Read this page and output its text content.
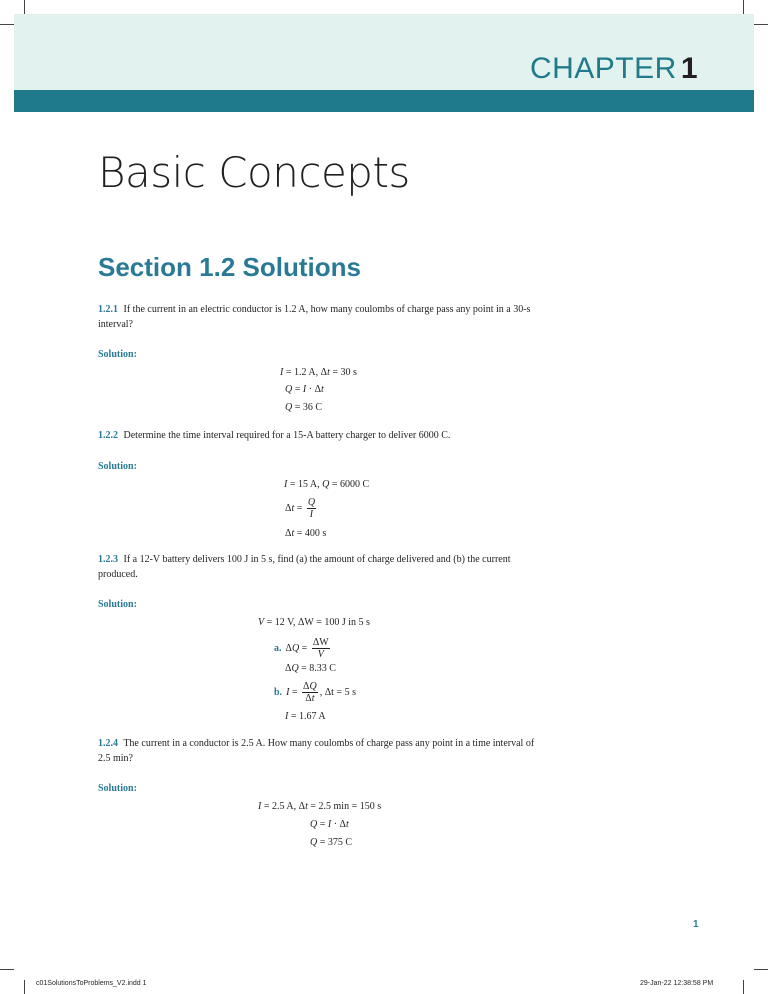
CHAPTER 1
Basic Concepts
Section 1.2 Solutions
1.2.1 If the current in an electric conductor is 1.2 A, how many coulombs of charge pass any point in a 30-s interval?
Solution:
I = 1.2 A, Δt = 30 s
Q = I · Δt
Q = 36 C
1.2.2 Determine the time interval required for a 15-A battery charger to deliver 6000 C.
Solution:
I = 15 A, Q = 6000 C
$\Delta t = \frac{Q}{I}$
Δt = 400 s
1.2.3 If a 12-V battery delivers 100 J in 5 s, find (a) the amount of charge delivered and (b) the current produced.
Solution:
V = 12 V, ΔW = 100 J in 5 s
a. $\Delta Q = \frac{\Delta W}{V}$
ΔQ = 8.33 C
b. $I = \frac{\Delta Q}{\Delta t}$ , Δt = 5 s
I = 1.67 A
1.2.4 The current in a conductor is 2.5 A. How many coulombs of charge pass any point in a time interval of 2.5 min?
Solution:
I = 2.5 A, Δt = 2.5 min = 150 s
Q = I · Δt
Q = 375 C
1
c01SolutionsToProblems_V2.indd 1	29-Jan-22 12:38:58 PM
